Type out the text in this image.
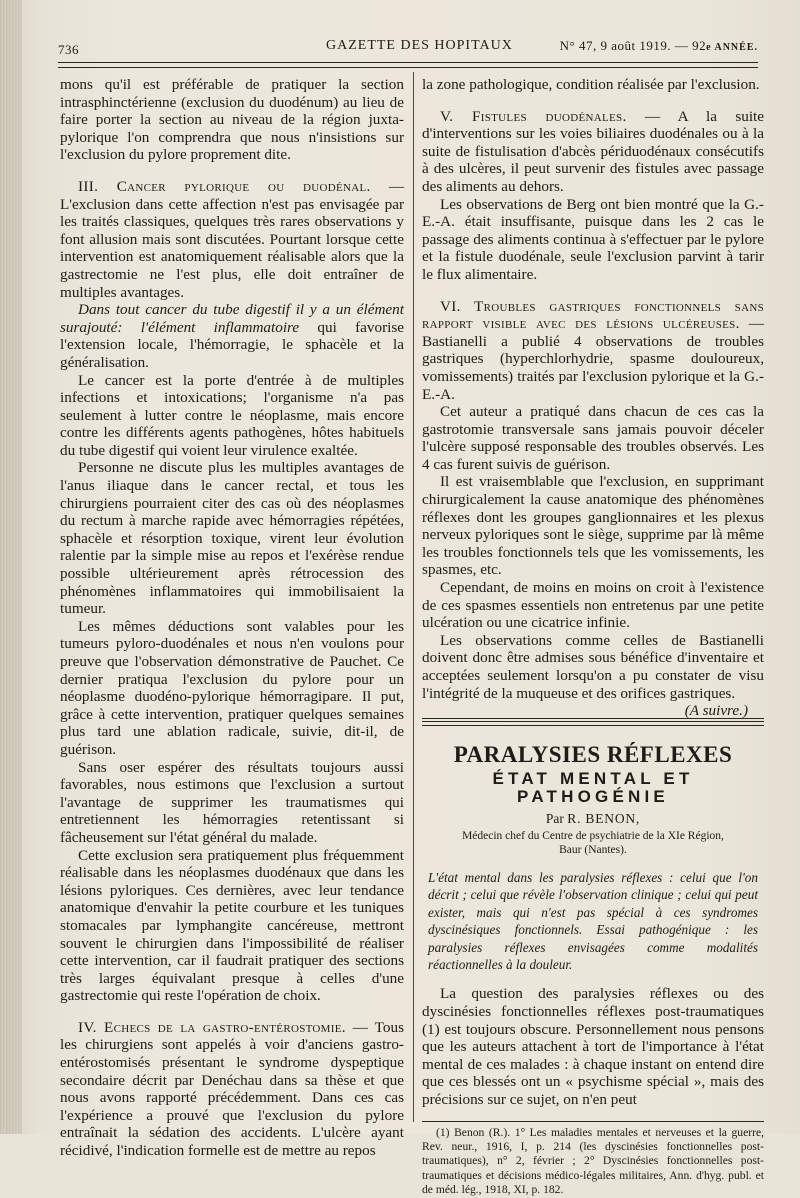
736	GAZETTE DES HOPITAUX	N° 47, 9 août 1919. — 92e ANNÉE.

mons qu'il est préférable de pratiquer la section intrasphinctérienne (exclusion du duodénum) au lieu de faire porter la section au niveau de la région juxta-pylorique l'on comprendra que nous n'insistions sur l'exclusion du pylore proprement dite.

III. Cancer pylorique ou duodénal. — L'exclusion dans cette affection n'est pas envisagée par les traités classiques, quelques très rares observations y font allusion mais sont discutées. Pourtant lorsque cette intervention est anatomiquement réalisable alors que la gastrectomie ne l'est plus, elle doit entraîner de multiples avantages.

Dans tout cancer du tube digestif il y a un élément surajouté: l'élément inflammatoire qui favorise l'extension locale, l'hémorragie, le sphacèle et la généralisation.

Le cancer est la porte d'entrée à de multiples infections et intoxications; l'organisme n'a pas seulement à lutter contre le néoplasme, mais encore contre les différents agents pathogènes, hôtes habituels du tube digestif qui voient leur virulence exaltée.

Personne ne discute plus les multiples avantages de l'anus iliaque dans le cancer rectal, et tous les chirurgiens pourraient citer des cas où des néoplasmes du rectum à marche rapide avec hémorragies répétées, sphacèle et résorption toxique, virent leur évolution ralentie par la simple mise au repos et l'exérèse rendue possible ultérieurement après rétrocession des phénomènes inflammatoires qui immobilisaient la tumeur.

Les mêmes déductions sont valables pour les tumeurs pyloro-duodénales et nous n'en voulons pour preuve que l'observation démonstrative de Pauchet. Ce dernier pratiqua l'exclusion du pylore pour un néoplasme duodéno-pylorique hémorragipare. Il put, grâce à cette intervention, pratiquer quelques semaines plus tard une ablation radicale, suivie, dit-il, de guérison.

Sans oser espérer des résultats toujours aussi favorables, nous estimons que l'exclusion a surtout l'avantage de supprimer les traumatismes qui entretiennent les hémorragies retentissant si fâcheusement sur l'état général du malade.

Cette exclusion sera pratiquement plus fréquemment réalisable dans les néoplasmes duodénaux que dans les lésions pyloriques. Ces dernières, avec leur tendance anatomique d'envahir la petite courbure et les tuniques stomacales par lymphangite cancéreuse, mettront souvent le chirurgien dans l'impossibilité de réaliser cette intervention, car il faudrait pratiquer des sections très larges équivalant presque à celles d'une gastrectomie qui reste l'opération de choix.

IV. Echecs de la gastro-entérostomie. — Tous les chirurgiens sont appelés à voir d'anciens gastro-entérostomisés présentant le syndrome dyspeptique secondaire décrit par Denéchau dans sa thèse et que nous avons rapporté précédemment. Dans ces cas l'expérience a prouvé que l'exclusion du pylore entraînait la sédation des accidents. L'ulcère ayant récidivé, l'indication formelle est de mettre au repos

la zone pathologique, condition réalisée par l'exclusion.

V. Fistules duodénales. — A la suite d'interventions sur les voies biliaires duodénales ou à la suite de fistulisation d'abcès périduodénaux consécutifs à des ulcères, il peut survenir des fistules avec passage des aliments au dehors.

Les observations de Berg ont bien montré que la G.-E.-A. était insuffisante, puisque dans les 2 cas le passage des aliments continua à s'effectuer par le pylore et la fistule duodénale, seule l'exclusion parvint à tarir le flux alimentaire.

VI. Troubles gastriques fonctionnels sans rapport visible avec des lésions ulcéreuses. — Bastianelli a publié 4 observations de troubles gastriques (hyperchlorhydrie, spasme douloureux, vomissements) traités par l'exclusion pylorique et la G.-E.-A.

Cet auteur a pratiqué dans chacun de ces cas la gastrotomie transversale sans jamais pouvoir déceler l'ulcère supposé responsable des troubles observés. Les 4 cas furent suivis de guérison.

Il est vraisemblable que l'exclusion, en supprimant chirurgicalement la cause anatomique des phénomènes réflexes dont les groupes ganglionnaires et les plexus nerveux pyloriques sont le siège, supprime par là même les troubles fonctionnels tels que les vomissements, les spasmes, etc.

Cependant, de moins en moins on croit à l'existence de ces spasmes essentiels non entretenus par une petite ulcération ou une cicatrice infinie.

Les observations comme celles de Bastianelli doivent donc être admises sous bénéfice d'inventaire et acceptées seulement lorsqu'on a pu constater de visu l'intégrité de la muqueuse et des orifices gastriques.
(A suivre.)

PARALYSIES RÉFLEXES
ÉTAT MENTAL ET PATHOGÉNIE
Par R. BENON,
Médecin chef du Centre de psychiatrie de la XIe Région,
Baur (Nantes).

L'état mental dans les paralysies réflexes : celui que l'on décrit ; celui que révèle l'observation clinique ; celui qui peut exister, mais qui n'est pas spécial à ces syndromes dyscinésiques fonctionnels. Essai pathogénique : les paralysies réflexes envisagées comme modalités réactionnelles à la douleur.

La question des paralysies réflexes ou des dyscinésies fonctionnelles réflexes post-traumatiques (1) est toujours obscure. Personnellement nous pensons que les auteurs attachent à tort de l'importance à l'état mental de ces malades : à chaque instant on entend dire que ces blessés ont un « psychisme spécial », mais des précisions sur ce sujet, on n'en peut

(1) Benon (R.). 1° Les maladies mentales et nerveuses et la guerre, Rev. neur., 1916, I, p. 214 (les dyscinésies fonctionnelles post-traumatiques), n° 2, février ; 2° Dyscinésies fonctionnelles post-traumatiques et décisions médico-légales militaires, Ann. d'hyg. publ. et de méd. lég., 1918, XI, p. 182.
